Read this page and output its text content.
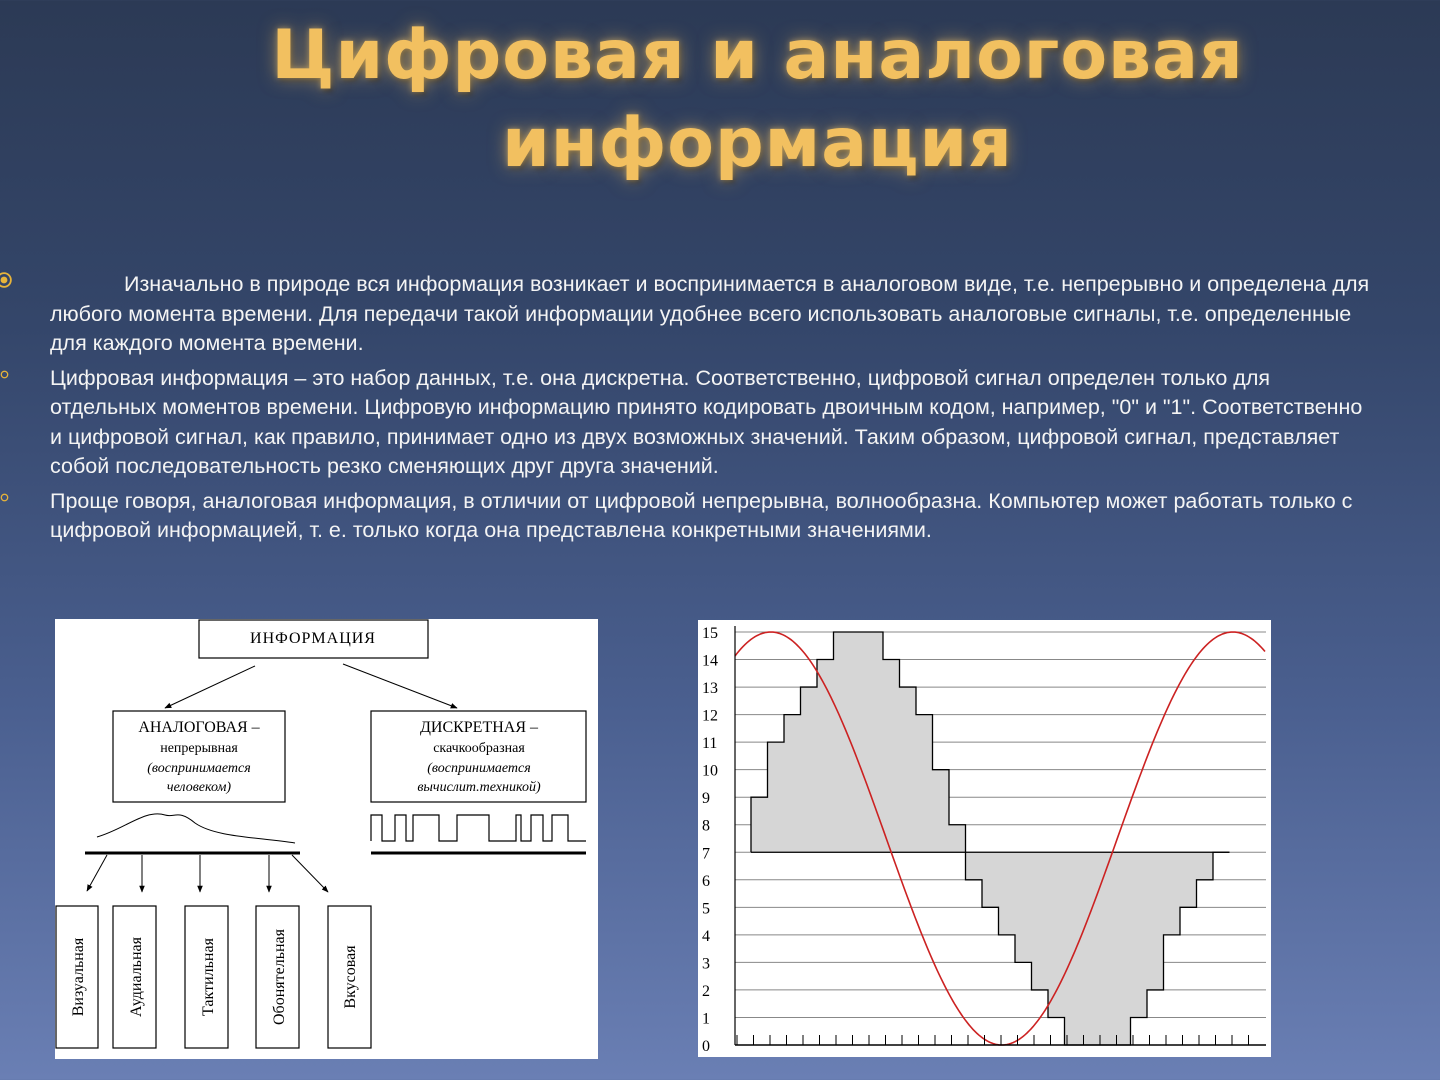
Цифровая и аналоговая
информация
Изначально в природе вся информация возникает и воспринимается в аналоговом виде, т.е. непрерывно и определена для любого момента времени. Для передачи такой информации удобнее всего использовать аналоговые сигналы, т.е. определенные для каждого момента времени.
Цифровая информация – это набор данных, т.е. она дискретна. Соответственно, цифровой сигнал определен только для отдельных моментов времени. Цифровую информацию принято кодировать двоичным кодом, например, "0" и "1". Соответственно и цифровой сигнал, как правило, принимает одно из двух возможных значений. Таким образом, цифровой сигнал, представляет собой последовательность резко сменяющих друг друга значений.
Проще говоря, аналоговая информация, в отличии от цифровой непрерывна, волнообразна. Компьютер может работать только с цифровой информацией, т. е. только когда она представлена конкретными значениями.
ИНФОРМАЦИЯ
АНАЛОГОВАЯ –
непрерывная
(воспринимается
человеком)
ДИСКРЕТНАЯ –
скачкообразная
(воспринимается
вычислит.техникой)
Визуальная	Аудиальная	Тактильная	Обонятельная	Вкусовая
0
1
2
3
4
5
6
7
8
9
10
11
12
13
14
15
